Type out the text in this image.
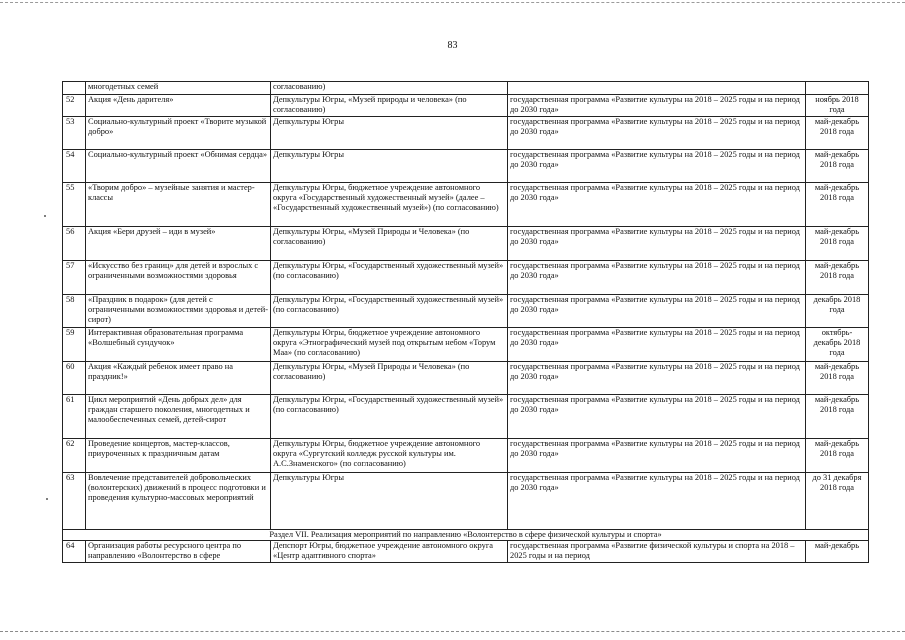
83
	многодетных семей	согласованию)		
52	Акция «День дарителя»	Депкультуры Югры, «Музей природы и человека» (по согласованию)	государственная программа «Развитие культуры на 2018 – 2025 годы и на период до 2030 года»	ноябрь 2018 года
53	Социально-культурный проект «Творите музыкой добро»	Депкультуры Югры	государственная программа «Развитие культуры на 2018 – 2025 годы и на период до 2030 года»	май-декабрь 2018 года
54	Социально-культурный проект «Обнимая сердца»	Депкультуры Югры	государственная программа «Развитие культуры на 2018 – 2025 годы и на период до 2030 года»	май-декабрь 2018 года
55	«Творим добро» – музейные занятия и мастер-классы	Депкультуры Югры, бюджетное учреждение автономного округа «Государственный художественный музей» (далее – «Государственный художественный музей») (по согласованию)	государственная программа «Развитие культуры на 2018 – 2025 годы и на период до 2030 года»	май-декабрь 2018 года
56	Акция «Бери друзей – иди в музей»	Депкультуры Югры, «Музей Природы и Человека» (по согласованию)	государственная программа «Развитие культуры на 2018 – 2025 годы и на период до 2030 года»	май-декабрь 2018 года
57	«Искусство без границ» для детей и взрослых с ограниченными возможностями здоровья	Депкультуры Югры, «Государственный художественный музей» (по согласованию)	государственная программа «Развитие культуры на 2018 – 2025 годы и на период до 2030 года»	май-декабрь 2018 года
58	«Праздник в подарок» (для детей с ограниченными возможностями здоровья и детей-сирот)	Депкультуры Югры, «Государственный художественный музей» (по согласованию)	государственная программа «Развитие культуры на 2018 – 2025 годы и на период до 2030 года»	декабрь 2018 года
59	Интерактивная образовательная программа «Волшебный сундучок»	Депкультуры Югры, бюджетное учреждение автономного округа «Этнографический музей под открытым небом «Торум Маа» (по согласованию)	государственная программа «Развитие культуры на 2018 – 2025 годы и на период до 2030 года»	октябрь-декабрь 2018 года
60	Акция «Каждый ребенок имеет право на праздник!»	Депкультуры Югры, «Музей Природы и Человека» (по согласованию)	государственная программа «Развитие культуры на 2018 – 2025 годы и на период до 2030 года»	май-декабрь 2018 года
61	Цикл мероприятий «День добрых дел» для граждан старшего поколения, многодетных и малообеспеченных семей, детей-сирот	Депкультуры Югры, «Государственный художественный музей» (по согласованию)	государственная программа «Развитие культуры на 2018 – 2025 годы и на период до 2030 года»	май-декабрь 2018 года
62	Проведение концертов, мастер-классов, приуроченных к праздничным датам	Депкультуры Югры, бюджетное учреждение автономного округа «Сургутский колледж русской культуры им. А.С.Знаменского» (по согласованию)	государственная программа «Развитие культуры на 2018 – 2025 годы и на период до 2030 года»	май-декабрь 2018 года
63	Вовлечение представителей добровольческих (волонтерских) движений в процесс подготовки и проведения культурно-массовых мероприятий	Депкультуры Югры	государственная программа «Развитие культуры на 2018 – 2025 годы и на период до 2030 года»	до 31 декабря 2018 года
Раздел VII. Реализация мероприятий по направлению «Волонтерство в сфере физической культуры и спорта»				
64	Организация работы ресурсного центра по направлению «Волонтерство в сфере	Депспорт Югры, бюджетное учреждение автономного округа «Центр адаптивного спорта»	государственная программа «Развитие физической культуры и спорта на 2018 – 2025 годы и на период	май-декабрь
